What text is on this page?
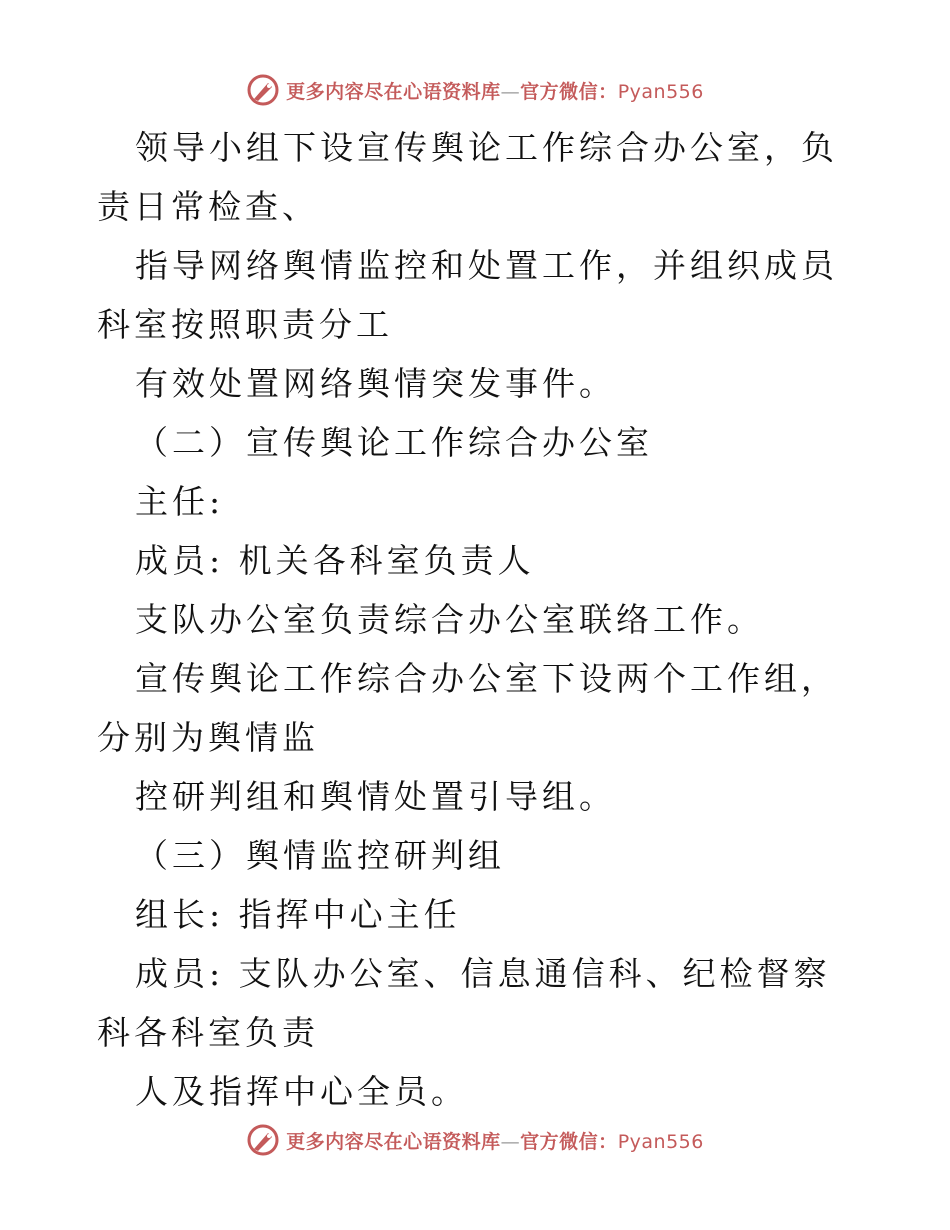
更多内容尽在心语资料库—官方微信：Pyan556

领导小组下设宣传舆论工作综合办公室，负责日常检查、

指导网络舆情监控和处置工作，并组织成员科室按照职责分工

有效处置网络舆情突发事件。

（二）宣传舆论工作综合办公室

主任:

成员: 机关各科室负责人

支队办公室负责综合办公室联络工作。

宣传舆论工作综合办公室下设两个工作组，分别为舆情监

控研判组和舆情处置引导组。

（三）舆情监控研判组

组长: 指挥中心主任

成员: 支队办公室、信息通信科、纪检督察科各科室负责

人及指挥中心全员。

更多内容尽在心语资料库—官方微信：Pyan556
